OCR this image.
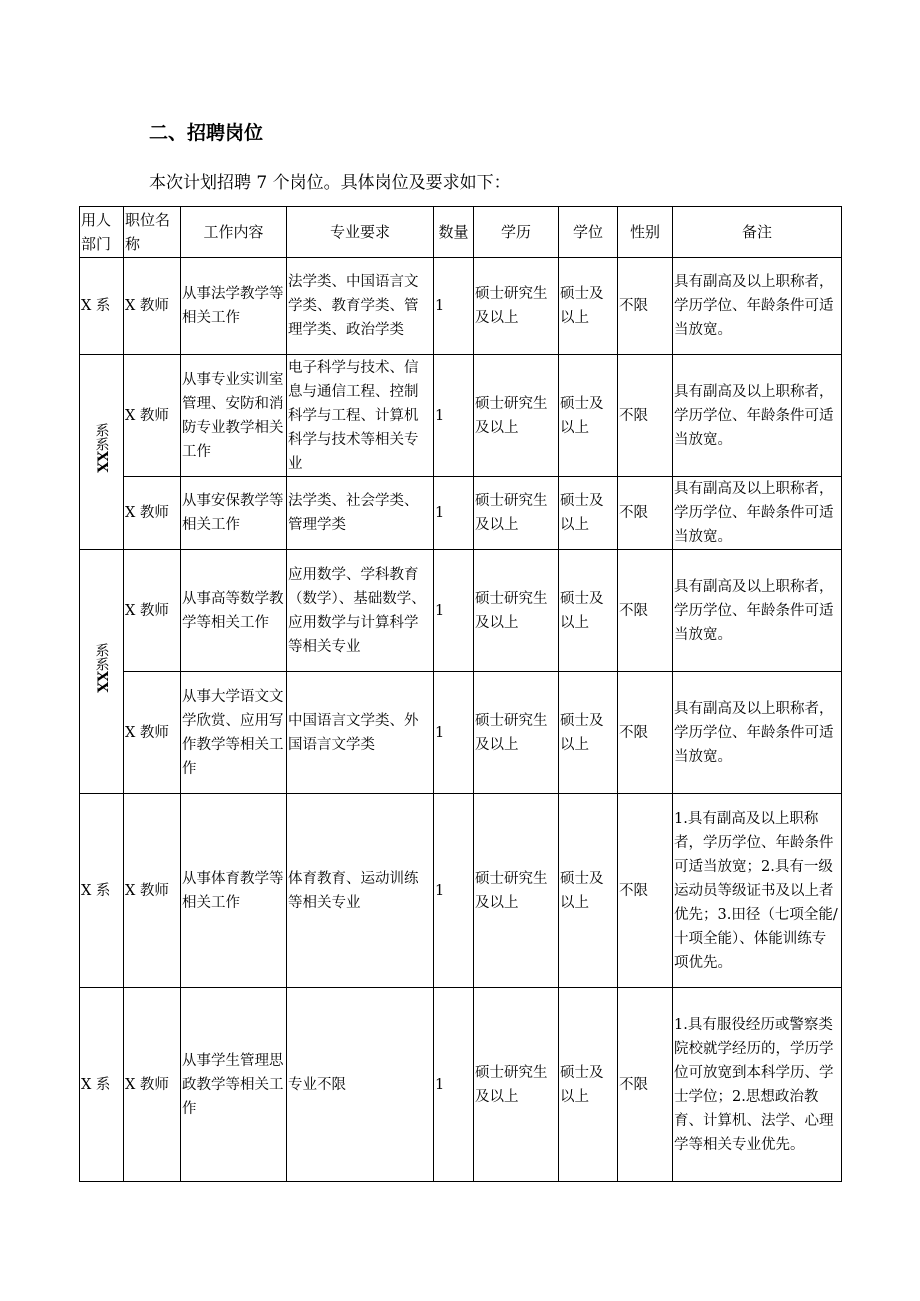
二、招聘岗位
本次计划招聘 7 个岗位。具体岗位及要求如下：
用人部门	职位名称	工作内容	专业要求	数量	学历	学位	性别	备注
X 系	X 教师	从事法学教学等相关工作	法学类、中国语言文学类、教育学类、管理学类、政治学类	1	硕士研究生及以上	硕士及以上	不限	具有副高及以上职称者，学历学位、年龄条件可适当放宽。
系系XX	X 教师	从事专业实训室管理、安防和消防专业教学相关工作	电子科学与技术、信息与通信工程、控制科学与工程、计算机科学与技术等相关专业	1	硕士研究生及以上	硕士及以上	不限	具有副高及以上职称者，学历学位、年龄条件可适当放宽。
	X 教师	从事安保教学等相关工作	法学类、社会学类、管理学类	1	硕士研究生及以上	硕士及以上	不限	具有副高及以上职称者，学历学位、年龄条件可适当放宽。
系系XX	X 教师	从事高等数学教学等相关工作	应用数学、学科教育（数学）、基础数学、应用数学与计算科学等相关专业	1	硕士研究生及以上	硕士及以上	不限	具有副高及以上职称者，学历学位、年龄条件可适当放宽。
	X 教师	从事大学语文文学欣赏、应用写作教学等相关工作	中国语言文学类、外国语言文学类	1	硕士研究生及以上	硕士及以上	不限	具有副高及以上职称者，学历学位、年龄条件可适当放宽。
X 系	X 教师	从事体育教学等相关工作	体育教育、运动训练等相关专业	1	硕士研究生及以上	硕士及以上	不限	1.具有副高及以上职称者，学历学位、年龄条件可适当放宽；2.具有一级运动员等级证书及以上者优先；3.田径（七项全能/十项全能）、体能训练专项优先。
X 系	X 教师	从事学生管理思政教学等相关工作	专业不限	1	硕士研究生及以上	硕士及以上	不限	1.具有服役经历或警察类院校就学经历的，学历学位可放宽到本科学历、学士学位；2.思想政治教育、计算机、法学、心理学等相关专业优先。
